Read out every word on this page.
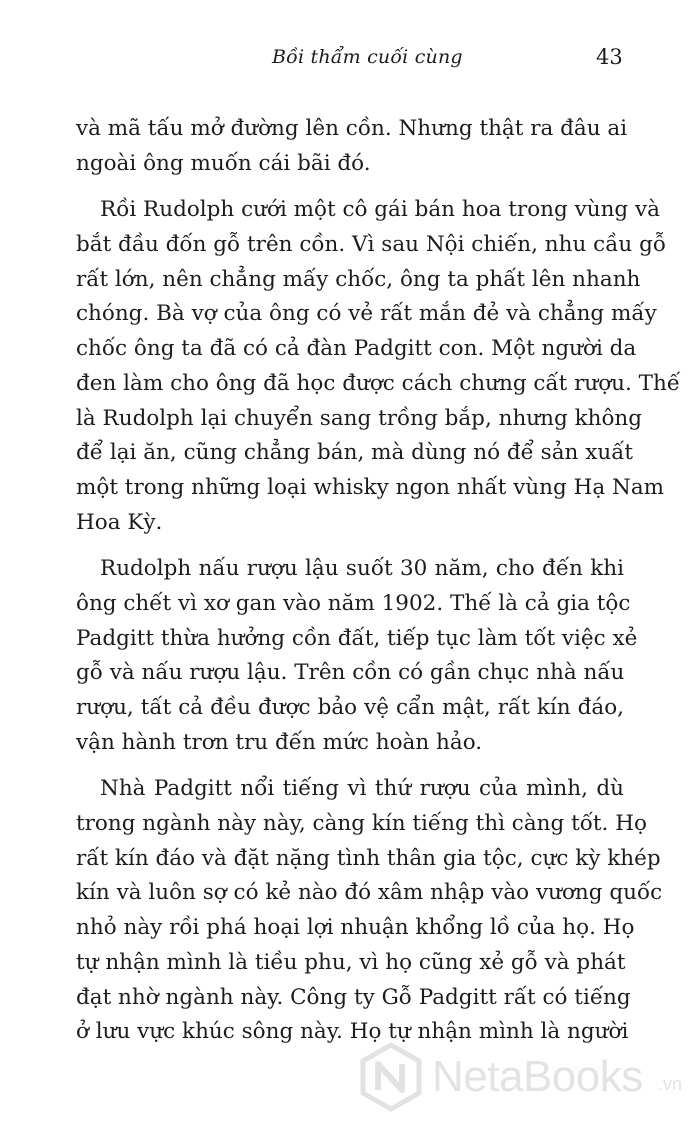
Bồi thẩm cuối cùng	43
và mã tấu mở đường lên cồn. Nhưng thật ra đâu ai
ngoài ông muốn cái bãi đó.
Rồi Rudolph cưới một cô gái bán hoa trong vùng và
bắt đầu đốn gỗ trên cồn. Vì sau Nội chiến, nhu cầu gỗ
rất lớn, nên chẳng mấy chốc, ông ta phất lên nhanh
chóng. Bà vợ của ông có vẻ rất mắn đẻ và chẳng mấy
chốc ông ta đã có cả đàn Padgitt con. Một người da
đen làm cho ông đã học được cách chưng cất rượu. Thế
là Rudolph lại chuyển sang trồng bắp, nhưng không
để lại ăn, cũng chẳng bán, mà dùng nó để sản xuất
một trong những loại whisky ngon nhất vùng Hạ Nam
Hoa Kỳ.
Rudolph nấu rượu lậu suốt 30 năm, cho đến khi
ông chết vì xơ gan vào năm 1902. Thế là cả gia tộc
Padgitt thừa hưởng cồn đất, tiếp tục làm tốt việc xẻ
gỗ và nấu rượu lậu. Trên cồn có gần chục nhà nấu
rượu, tất cả đều được bảo vệ cẩn mật, rất kín đáo,
vận hành trơn tru đến mức hoàn hảo.
Nhà Padgitt nổi tiếng vì thứ rượu của mình, dù
trong ngành này này, càng kín tiếng thì càng tốt. Họ
rất kín đáo và đặt nặng tình thân gia tộc, cực kỳ khép
kín và luôn sợ có kẻ nào đó xâm nhập vào vương quốc
nhỏ này rồi phá hoại lợi nhuận khổng lồ của họ. Họ
tự nhận mình là tiều phu, vì họ cũng xẻ gỗ và phát
đạt nhờ ngành này. Công ty Gỗ Padgitt rất có tiếng
ở lưu vực khúc sông này. Họ tự nhận mình là người
NetaBooks .vn
